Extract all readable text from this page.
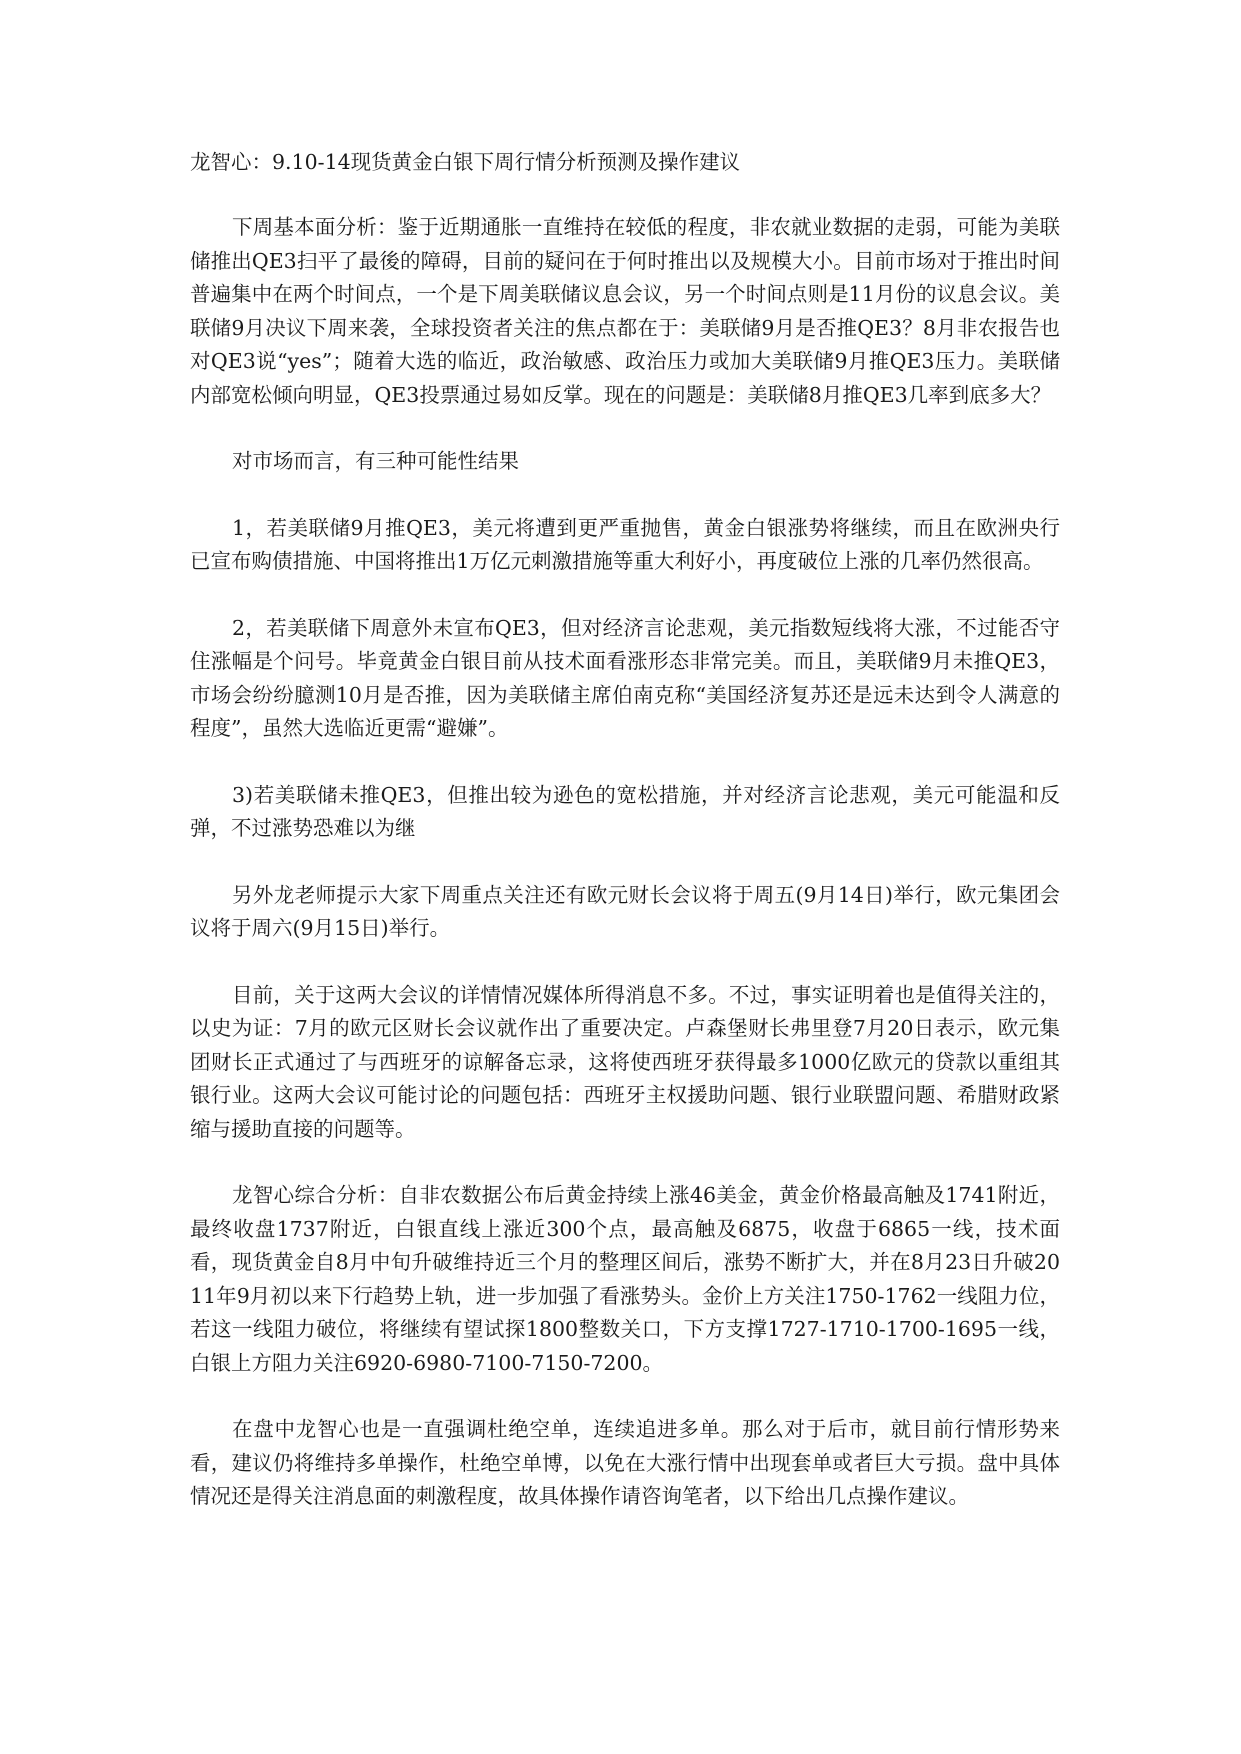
龙智心：9.10-14现货黄金白银下周行情分析预测及操作建议

下周基本面分析：鉴于近期通胀一直维持在较低的程度，非农就业数据的走弱，可能为美联储推出QE3扫平了最後的障碍，目前的疑问在于何时推出以及规模大小。目前市场对于推出时间普遍集中在两个时间点，一个是下周美联储议息会议，另一个时间点则是11月份的议息会议。美联储9月决议下周来袭，全球投资者关注的焦点都在于：美联储9月是否推QE3？8月非农报告也对QE3说“yes”；随着大选的临近，政治敏感、政治压力或加大美联储9月推QE3压力。美联储内部宽松倾向明显，QE3投票通过易如反掌。现在的问题是：美联储8月推QE3几率到底多大？

对市场而言，有三种可能性结果

1，若美联储9月推QE3，美元将遭到更严重抛售，黄金白银涨势将继续，而且在欧洲央行已宣布购债措施、中国将推出1万亿元刺激措施等重大利好小，再度破位上涨的几率仍然很高。

2，若美联储下周意外未宣布QE3，但对经济言论悲观，美元指数短线将大涨，不过能否守住涨幅是个问号。毕竟黄金白银目前从技术面看涨形态非常完美。而且，美联储9月未推QE3，市场会纷纷臆测10月是否推，因为美联储主席伯南克称“美国经济复苏还是远未达到令人满意的程度”，虽然大选临近更需“避嫌”。

3)若美联储未推QE3，但推出较为逊色的宽松措施，并对经济言论悲观，美元可能温和反弹，不过涨势恐难以为继

另外龙老师提示大家下周重点关注还有欧元财长会议将于周五(9月14日)举行，欧元集团会议将于周六(9月15日)举行。

目前，关于这两大会议的详情情况媒体所得消息不多。不过，事实证明着也是值得关注的，以史为证：7月的欧元区财长会议就作出了重要决定。卢森堡财长弗里登7月20日表示，欧元集团财长正式通过了与西班牙的谅解备忘录，这将使西班牙获得最多1000亿欧元的贷款以重组其银行业。这两大会议可能讨论的问题包括：西班牙主权援助问题、银行业联盟问题、希腊财政紧缩与援助直接的问题等。

龙智心综合分析：自非农数据公布后黄金持续上涨46美金，黄金价格最高触及1741附近，最终收盘1737附近，白银直线上涨近300个点，最高触及6875，收盘于6865一线，技术面看，现货黄金自8月中旬升破维持近三个月的整理区间后，涨势不断扩大，并在8月23日升破2011年9月初以来下行趋势上轨，进一步加强了看涨势头。金价上方关注1750-1762一线阻力位，若这一线阻力破位，将继续有望试探1800整数关口，下方支撑1727-1710-1700-1695一线，白银上方阻力关注6920-6980-7100-7150-7200。

在盘中龙智心也是一直强调杜绝空单，连续追进多单。那么对于后市，就目前行情形势来看，建议仍将维持多单操作，杜绝空单博，以免在大涨行情中出现套单或者巨大亏损。盘中具体情况还是得关注消息面的刺激程度，故具体操作请咨询笔者，以下给出几点操作建议。
